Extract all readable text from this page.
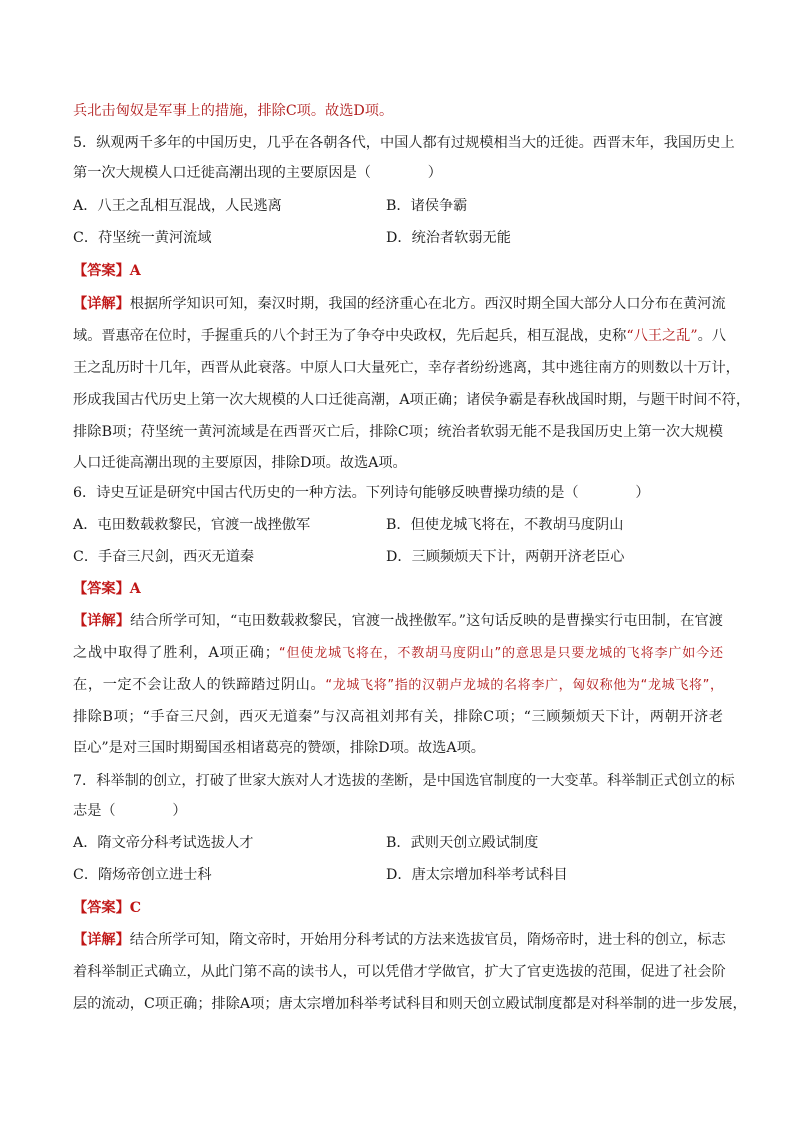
兵北击匈奴是军事上的措施，排除C项。故选D项。
5．纵观两千多年的中国历史，几乎在各朝各代，中国人都有过规模相当大的迁徙。西晋末年，我国历史上
第一次大规模人口迁徙高潮出现的主要原因是（　　　　）
A．八王之乱相互混战，人民逃离	B．诸侯争霸
C．苻坚统一黄河流域	D．统治者软弱无能
【答案】A
【详解】根据所学知识可知，秦汉时期，我国的经济重心在北方。西汉时期全国大部分人口分布在黄河流
域。晋惠帝在位时，手握重兵的八个封王为了争夺中央政权，先后起兵，相互混战，史称“八王之乱”。八
王之乱历时十几年，西晋从此衰落。中原人口大量死亡，幸存者纷纷逃离，其中逃往南方的则数以十万计，
形成我国古代历史上第一次大规模的人口迁徙高潮，A项正确；诸侯争霸是春秋战国时期，与题干时间不符，
排除B项；苻坚统一黄河流域是在西晋灭亡后，排除C项；统治者软弱无能不是我国历史上第一次大规模
人口迁徙高潮出现的主要原因，排除D项。故选A项。
6．诗史互证是研究中国古代历史的一种方法。下列诗句能够反映曹操功绩的是（　　　　）
A．屯田数载救黎民，官渡一战挫傲军	B．但使龙城飞将在，不教胡马度阴山
C．手奋三尺剑，西灭无道秦	D．三顾频烦天下计，两朝开济老臣心
【答案】A
【详解】结合所学可知，“屯田数载救黎民，官渡一战挫傲军。”这句话反映的是曹操实行屯田制，在官渡
之战中取得了胜利，A项正确；“但使龙城飞将在，不教胡马度阴山”的意思是只要龙城的飞将李广如今还
在，一定不会让敌人的铁蹄踏过阴山。“龙城飞将”指的汉朝卢龙城的名将李广，匈奴称他为“龙城飞将”，
排除B项；“手奋三尺剑，西灭无道秦”与汉高祖刘邦有关，排除C项；“三顾频烦天下计，两朝开济老
臣心”是对三国时期蜀国丞相诸葛亮的赞颂，排除D项。故选A项。
7．科举制的创立，打破了世家大族对人才选拔的垄断，是中国选官制度的一大变革。科举制正式创立的标
志是（　　　　）
A．隋文帝分科考试选拔人才	B．武则天创立殿试制度
C．隋炀帝创立进士科	D．唐太宗增加科举考试科目
【答案】C
【详解】结合所学可知，隋文帝时，开始用分科考试的方法来选拔官员，隋炀帝时，进士科的创立，标志
着科举制正式确立，从此门第不高的读书人，可以凭借才学做官，扩大了官吏选拔的范围，促进了社会阶
层的流动，C项正确；排除A项；唐太宗增加科举考试科目和则天创立殿试制度都是对科举制的进一步发展，
